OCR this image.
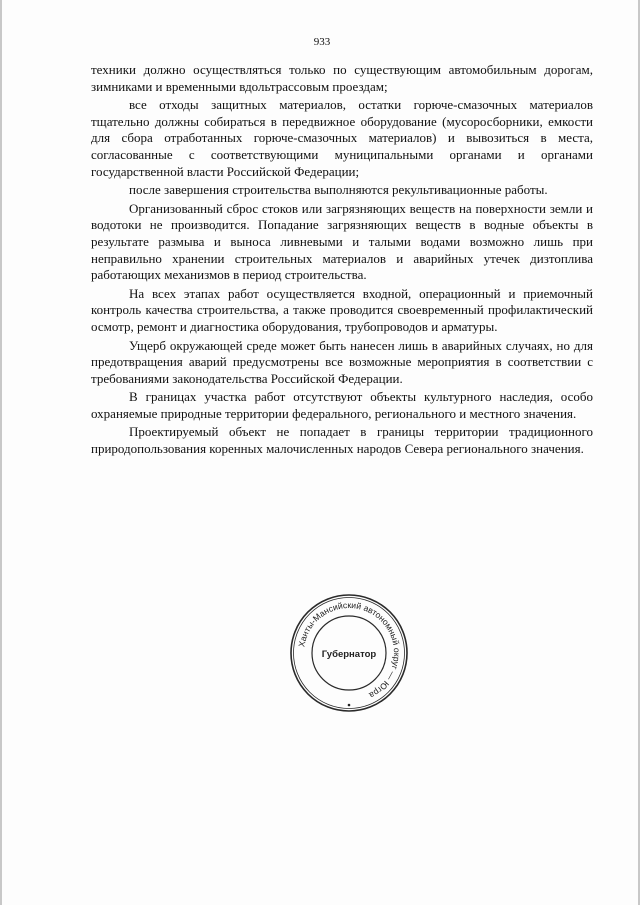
933

техники должно осуществляться только по существующим автомобильным дорогам, зимниками и временными вдольтрассовым проездам;

все отходы защитных материалов, остатки горюче-смазочных материалов тщательно должны собираться в передвижное оборудование (мусоросборники, емкости для сбора отработанных горюче-смазочных материалов) и вывозиться в места, согласованные с соответствующими муниципальными органами и органами государственной власти Российской Федерации;

после завершения строительства выполняются рекультивационные работы.

Организованный сброс стоков или загрязняющих веществ на поверхности земли и водотоки не производится. Попадание загрязняющих веществ в водные объекты в результате размыва и выноса ливневыми и талыми водами возможно лишь при неправильно хранении строительных материалов и аварийных утечек дизтоплива работающих механизмов в период строительства.

На всех этапах работ осуществляется входной, операционный и приемочный контроль качества строительства, а также проводится своевременный профилактический осмотр, ремонт и диагностика оборудования, трубопроводов и арматуры.

Ущерб окружающей среде может быть нанесен лишь в аварийных случаях, но для предотвращения аварий предусмотрены все возможные мероприятия в соответствии с требованиями законодательства Российской Федерации.

В границах участка работ отсутствуют объекты культурного наследия, особо охраняемые природные территории федерального, регионального и местного значения.

Проектируемый объект не попадает в границы территории традиционного природопользования коренных малочисленных народов Севера регионального значения.

Ханты-Мансийский автономный округ — Югра
Губернатор
